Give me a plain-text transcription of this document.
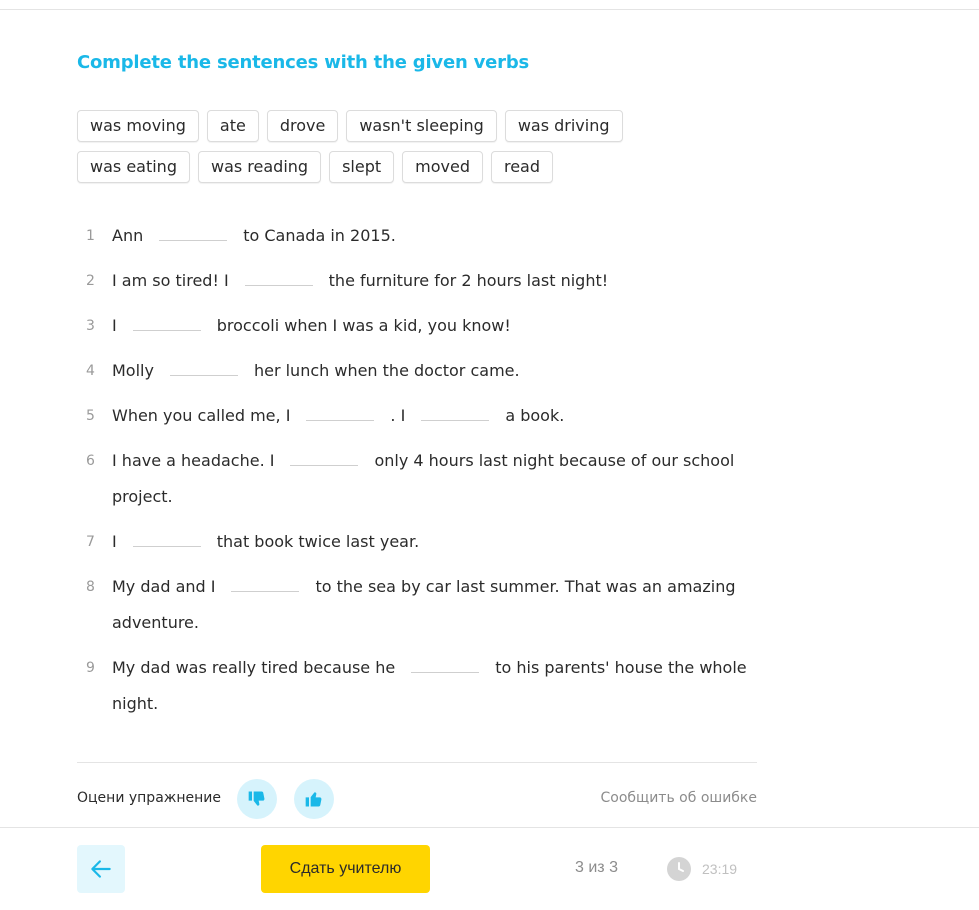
Complete the sentences with the given verbs
was moving	ate	drove	wasn't sleeping	was driving
was eating	was reading	slept	moved	read
1	Ann	to Canada in 2015.
2	I am so tired! I	the furniture for 2 hours last night!
3	I	broccoli when I was a kid, you know!
4	Molly	her lunch when the doctor came.
5	When you called me, I	. I	a book.
6	I have a headache. I	only 4 hours last night because of our school project.
7	I	that book twice last year.
8	My dad and I	to the sea by car last summer. That was an amazing adventure.
9	My dad was really tired because he	to his parents' house the whole night.
Оцени упражнение	Сообщить об ошибке
Сдать учителю	3 из 3	23:19
